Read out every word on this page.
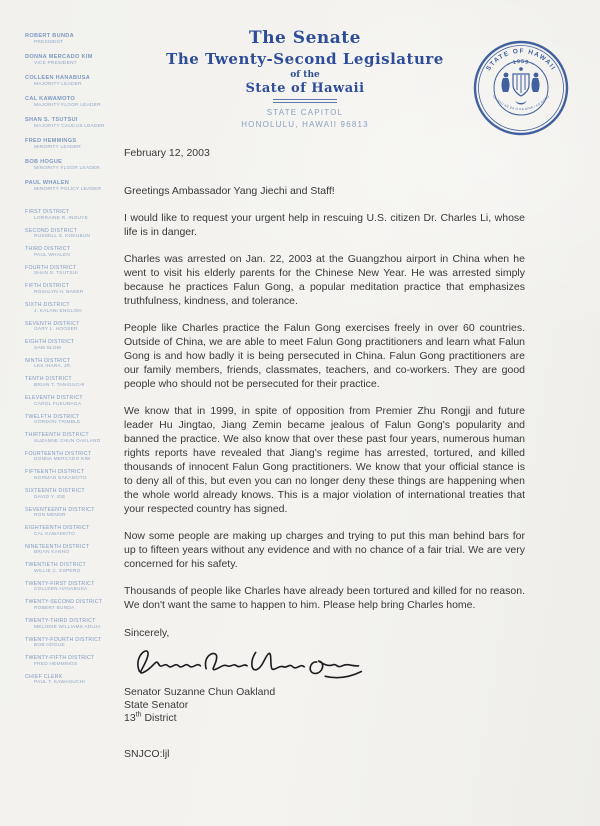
ROBERT BUNDA
PRESIDENT
DONNA MERCADO KIM
VICE PRESIDENT
COLLEEN HANABUSA
MAJORITY LEADER
CAL KAWAMOTO
MAJORITY FLOOR LEADER
SHAN S. TSUTSUI
MAJORITY CAUCUS LEADER
FRED HEMMINGS
MINORITY LEADER
BOB HOGUE
MINORITY FLOOR LEADER
PAUL WHALEN
MINORITY POLICY LEADER
FIRST DISTRICT
LORRAINE R. INOUYE
SECOND DISTRICT
RUSSELL S. KOKUBUN
THIRD DISTRICT
PAUL WHALEN
FOURTH DISTRICT
SHAN S. TSUTSUI
FIFTH DISTRICT
ROSALYN H. BAKER
SIXTH DISTRICT
J. KALANI ENGLISH
SEVENTH DISTRICT
GARY L. HOOSER
EIGHTH DISTRICT
SAM SLOM
NINTH DISTRICT
LES IHARA, JR.
TENTH DISTRICT
BRIAN T. TANIGUCHI
ELEVENTH DISTRICT
CAROL FUKUNAGA
TWELFTH DISTRICT
GORDON TRIMBLE
THIRTEENTH DISTRICT
SUZANNE CHUN OAKLAND
FOURTEENTH DISTRICT
DONNA MERCADO KIM
FIFTEENTH DISTRICT
NORMAN SAKAMOTO
SIXTEENTH DISTRICT
DAVID Y. IGE
SEVENTEENTH DISTRICT
RON MENOR
EIGHTEENTH DISTRICT
CAL KAWAMOTO
NINETEENTH DISTRICT
BRIAN KANNO
TWENTIETH DISTRICT
WILLIE C. ESPERO
TWENTY-FIRST DISTRICT
COLLEEN HANABUSA
TWENTY-SECOND DISTRICT
ROBERT BUNDA
TWENTY-THIRD DISTRICT
MELODIE WILLIAMS ADUJA
TWENTY-FOURTH DISTRICT
BOB HOGUE
TWENTY-FIFTH DISTRICT
FRED HEMMINGS
CHIEF CLERK
PAUL T. KAWAGUCHI
The Senate
The Twenty-Second Legislature
of the
State of Hawaii
STATE CAPITOL
HONOLULU, HAWAII 96813
STATE OF HAWAII
• 1959 •
UA MAU KE EA O KA AINA I KA PONO
February 12, 2003
Greetings Ambassador Yang Jiechi and Staff!

I would like to request your urgent help in rescuing U.S. citizen Dr. Charles Li, whose life is in danger.

Charles was arrested on Jan. 22, 2003 at the Guangzhou airport in China when he went to visit his elderly parents for the Chinese New Year. He was arrested simply because he practices Falun Gong, a popular meditation practice that emphasizes truthfulness, kindness, and tolerance.

People like Charles practice the Falun Gong exercises freely in over 60 countries. Outside of China, we are able to meet Falun Gong practitioners and learn what Falun Gong is and how badly it is being persecuted in China. Falun Gong practitioners are our family members, friends, classmates, teachers, and co-workers. They are good people who should not be persecuted for their practice.

We know that in 1999, in spite of opposition from Premier Zhu Rongji and future leader Hu Jingtao, Jiang Zemin became jealous of Falun Gong's popularity and banned the practice. We also know that over these past four years, numerous human rights reports have revealed that Jiang's regime has arrested, tortured, and killed thousands of innocent Falun Gong practitioners. We know that your official stance is to deny all of this, but even you can no longer deny these things are happening when the whole world already knows. This is a major violation of international treaties that your respected country has signed.

Now some people are making up charges and trying to put this man behind bars for up to fifteen years without any evidence and with no chance of a fair trial. We are very concerned for his safety.

Thousands of people like Charles have already been tortured and killed for no reason. We don't want the same to happen to him. Please help bring Charles home.

Sincerely,
Senator Suzanne Chun Oakland
State Senator
13th District
SNJCO:ljl
